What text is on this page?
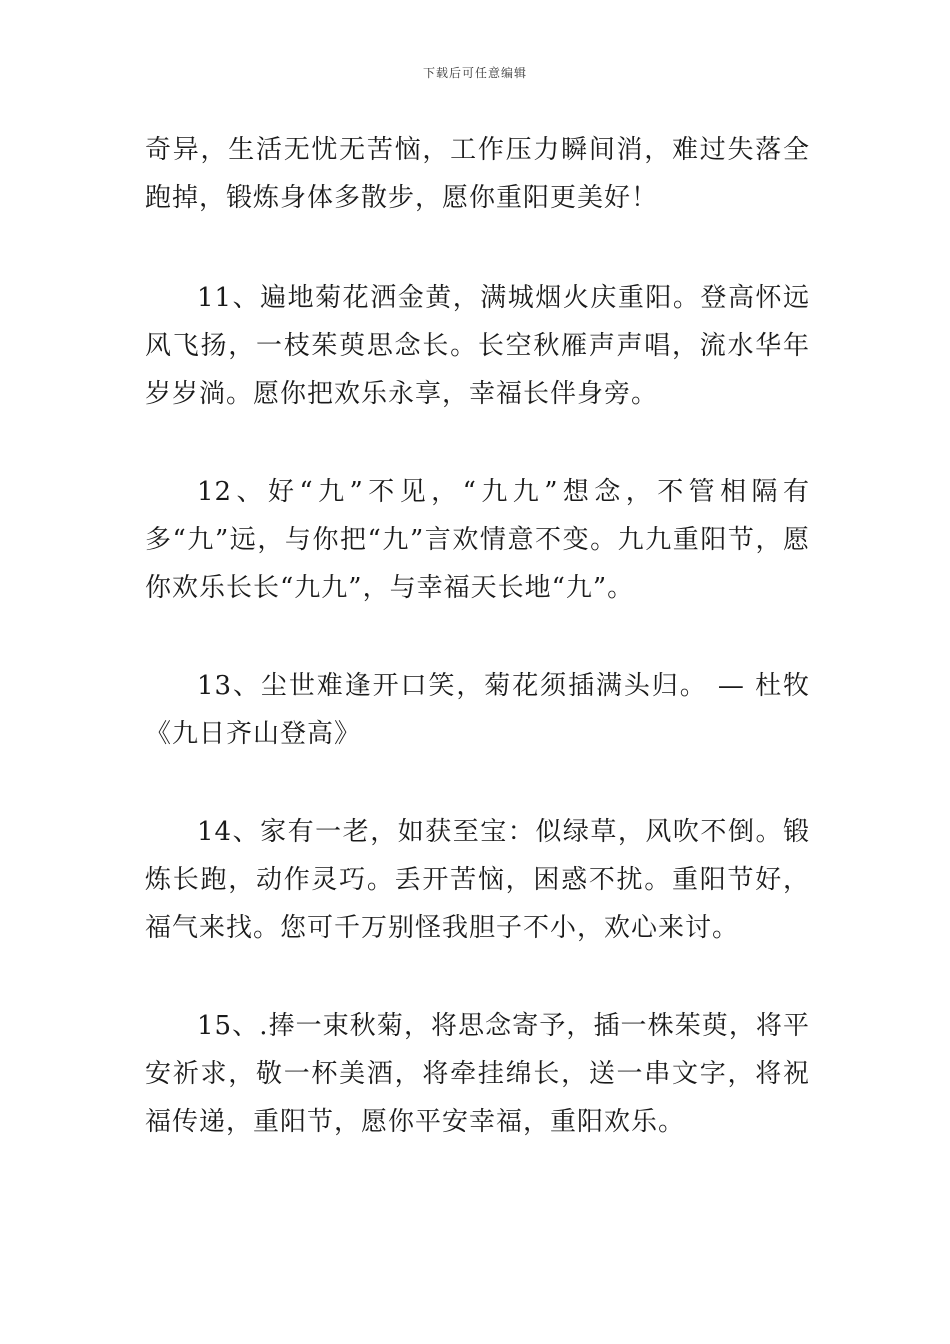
下载后可任意编辑

奇异，生活无忧无苦恼，工作压力瞬间消，难过失落全跑掉，锻炼身体多散步，愿你重阳更美好！

11、遍地菊花洒金黄，满城烟火庆重阳。登高怀远风飞扬，一枝茱萸思念长。长空秋雁声声唱，流水华年岁岁淌。愿你把欢乐永享，幸福长伴身旁。

12、好“九”不见，“九九”想念，不管相隔有多“九”远，与你把“九”言欢情意不变。九九重阳节，愿你欢乐长长“九九”，与幸福天长地“九”。

13、尘世难逢开口笑，菊花须插满头归。 — 杜牧《九日齐山登高》

14、家有一老，如获至宝：似绿草，风吹不倒。锻炼长跑，动作灵巧。丢开苦恼，困惑不扰。重阳节好，福气来找。您可千万别怪我胆子不小，欢心来讨。

15、.捧一束秋菊，将思念寄予，插一株茱萸，将平安祈求，敬一杯美酒，将牵挂绵长，送一串文字，将祝福传递，重阳节，愿你平安幸福，重阳欢乐。
